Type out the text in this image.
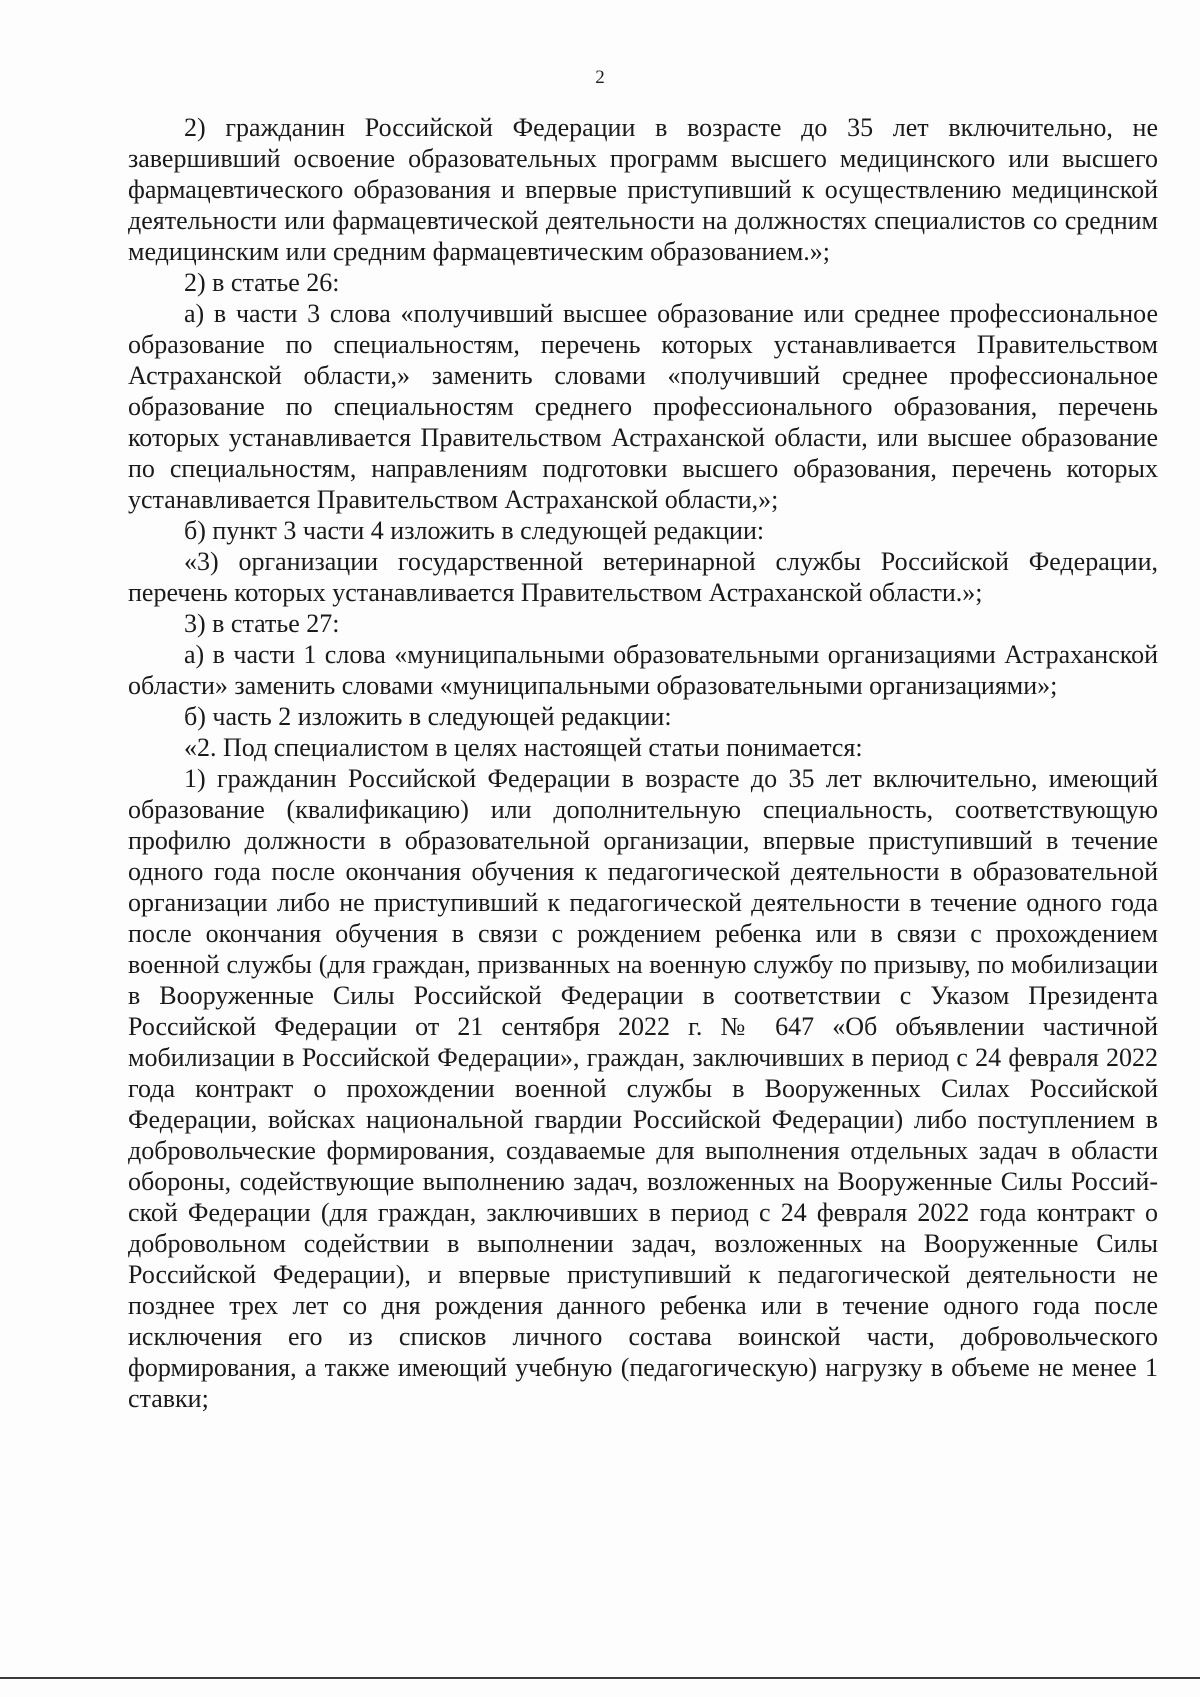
2

2) гражданин Российской Федерации в возрасте до 35 лет включительно, не завершивший освоение образовательных программ высшего медицинского или высшего фармацевтического образования и впервые приступивший к осуществлению медицинской деятельности или фармацевтической деятельности на должностях специалистов со средним медицинским или средним фармацевтическим образованием.»;

2) в статье 26:

а) в части 3 слова «получивший высшее образование или среднее профессиональное образование по специальностям, перечень которых устанавливается Правительством Астраханской области,» заменить словами «получивший среднее профессиональное образование по специальностям среднего профессионального образования, перечень которых устанавливается Правительством Астраханской области, или высшее образование по специальностям, направлениям подготовки высшего образования, перечень которых устанавливается Правительством Астраханской области,»;

б) пункт 3 части 4 изложить в следующей редакции:

«3) организации государственной ветеринарной службы Российской Федерации, перечень которых устанавливается Правительством Астраханской области.»;

3) в статье 27:

а) в части 1 слова «муниципальными образовательными организациями Астраханской области» заменить словами «муниципальными образовательными организациями»;

б) часть 2 изложить в следующей редакции:

«2. Под специалистом в целях настоящей статьи понимается:

1) гражданин Российской Федерации в возрасте до 35 лет включительно, имеющий образование (квалификацию) или дополнительную специальность, соответствующую профилю должности в образовательной организации, впервые приступивший в течение одного года после окончания обучения к педагогической деятельности в образовательной организации либо не приступивший к педагогической деятельности в течение одного года после окончания обучения в связи с рождением ребенка или в связи с прохождением военной службы (для граждан, призванных на военную службу по призыву, по мобилизации в Вооруженные Силы Российской Федерации в соответствии с Указом Президента Российской Федерации от 21 сентября 2022 г. № 647 «Об объявлении частичной мобилизации в Российской Федерации», граждан, заключивших в период с 24 февраля 2022 года контракт о прохождении военной службы в Вооруженных Силах Российской Федерации, войсках национальной гвардии Российской Федерации) либо поступлением в добровольческие формирования, создаваемые для выполнения отдельных задач в области обороны, содействующие выполнению задач, возложенных на Вооруженные Силы Российской Федерации (для граждан, заключивших в период с 24 февраля 2022 года контракт о добровольном содействии в выполнении задач, возложенных на Вооруженные Силы Российской Федерации), и впервые приступивший к педагогической деятельности не позднее трех лет со дня рождения данного ребенка или в течение одного года после исключения его из списков личного состава воинской части, добровольческого формирования, а также имеющий учебную (педагогическую) нагрузку в объеме не менее 1 ставки;
